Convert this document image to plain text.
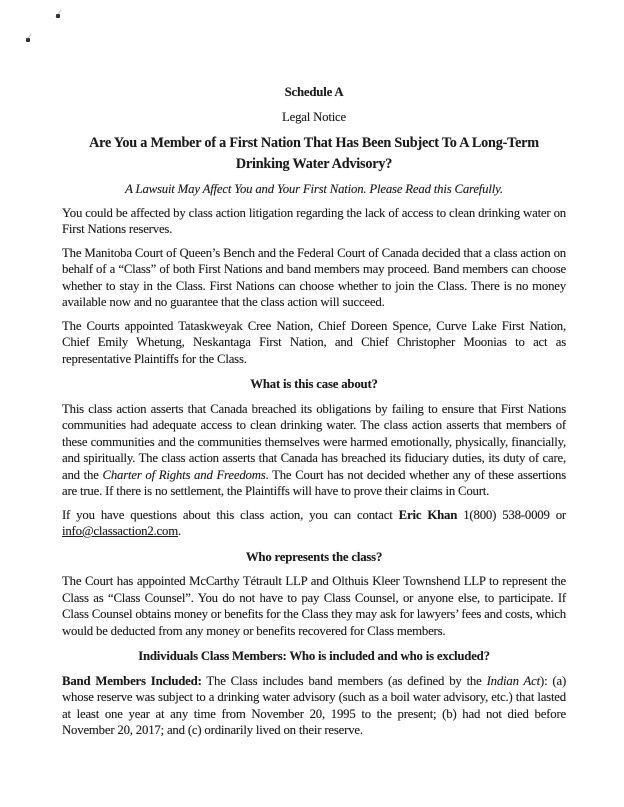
Schedule A

Legal Notice

Are You a Member of a First Nation That Has Been Subject To A Long-Term Drinking Water Advisory?

A Lawsuit May Affect You and Your First Nation. Please Read this Carefully.

You could be affected by class action litigation regarding the lack of access to clean drinking water on First Nations reserves.

The Manitoba Court of Queen’s Bench and the Federal Court of Canada decided that a class action on behalf of a “Class” of both First Nations and band members may proceed. Band members can choose whether to stay in the Class. First Nations can choose whether to join the Class. There is no money available now and no guarantee that the class action will succeed.

The Courts appointed Tataskweyak Cree Nation, Chief Doreen Spence, Curve Lake First Nation, Chief Emily Whetung, Neskantaga First Nation, and Chief Christopher Moonias to act as representative Plaintiffs for the Class.

What is this case about?

This class action asserts that Canada breached its obligations by failing to ensure that First Nations communities had adequate access to clean drinking water. The class action asserts that members of these communities and the communities themselves were harmed emotionally, physically, financially, and spiritually. The class action asserts that Canada has breached its fiduciary duties, its duty of care, and the Charter of Rights and Freedoms. The Court has not decided whether any of these assertions are true. If there is no settlement, the Plaintiffs will have to prove their claims in Court.

If you have questions about this class action, you can contact Eric Khan 1(800) 538-0009 or info@classaction2.com.

Who represents the class?

The Court has appointed McCarthy Tétrault LLP and Olthuis Kleer Townshend LLP to represent the Class as “Class Counsel”. You do not have to pay Class Counsel, or anyone else, to participate. If Class Counsel obtains money or benefits for the Class they may ask for lawyers’ fees and costs, which would be deducted from any money or benefits recovered for Class members.

Individuals Class Members: Who is included and who is excluded?

Band Members Included: The Class includes band members (as defined by the Indian Act): (a) whose reserve was subject to a drinking water advisory (such as a boil water advisory, etc.) that lasted at least one year at any time from November 20, 1995 to the present; (b) had not died before November 20, 2017; and (c) ordinarily lived on their reserve.
